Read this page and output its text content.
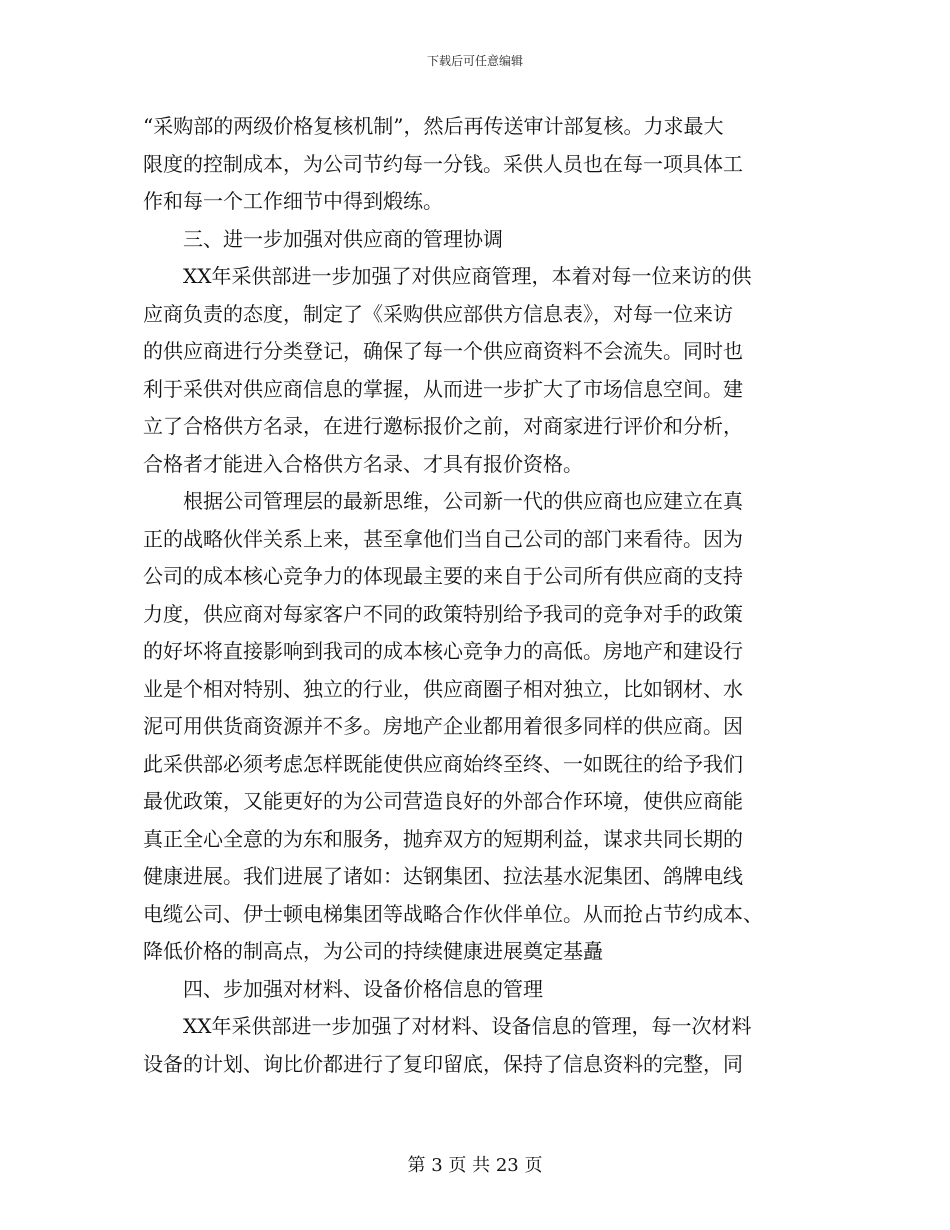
下载后可任意编辑
“采购部的两级价格复核机制”，然后再传送审计部复核。力求最大
限度的控制成本，为公司节约每一分钱。采供人员也在每一项具体工
作和每一个工作细节中得到煅练。
三、进一步加强对供应商的管理协调
XX年采供部进一步加强了对供应商管理，本着对每一位来访的供
应商负责的态度，制定了《采购供应部供方信息表》，对每一位来访
的供应商进行分类登记，确保了每一个供应商资料不会流失。同时也
利于采供对供应商信息的掌握，从而进一步扩大了市场信息空间。建
立了合格供方名录，在进行邀标报价之前，对商家进行评价和分析，
合格者才能进入合格供方名录、才具有报价资格。
根据公司管理层的最新思维，公司新一代的供应商也应建立在真
正的战略伙伴关系上来，甚至拿他们当自己公司的部门来看待。因为
公司的成本核心竞争力的体现最主要的来自于公司所有供应商的支持
力度，供应商对每家客户不同的政策特别给予我司的竞争对手的政策
的好坏将直接影响到我司的成本核心竞争力的高低。房地产和建设行
业是个相对特别、独立的行业，供应商圈子相对独立，比如钢材、水
泥可用供货商资源并不多。房地产企业都用着很多同样的供应商。因
此采供部必须考虑怎样既能使供应商始终至终、一如既往的给予我们
最优政策，又能更好的为公司营造良好的外部合作环境，使供应商能
真正全心全意的为东和服务，抛弃双方的短期利益，谋求共同长期的
健康进展。我们进展了诸如：达钢集团、拉法基水泥集团、鸽牌电线
电缆公司、伊士顿电梯集团等战略合作伙伴单位。从而抢占节约成本、
降低价格的制高点，为公司的持续健康进展奠定基矗
四、步加强对材料、设备价格信息的管理
XX年采供部进一步加强了对材料、设备信息的管理，每一次材料
设备的计划、询比价都进行了复印留底，保持了信息资料的完整，同
第 3 页 共 23 页
